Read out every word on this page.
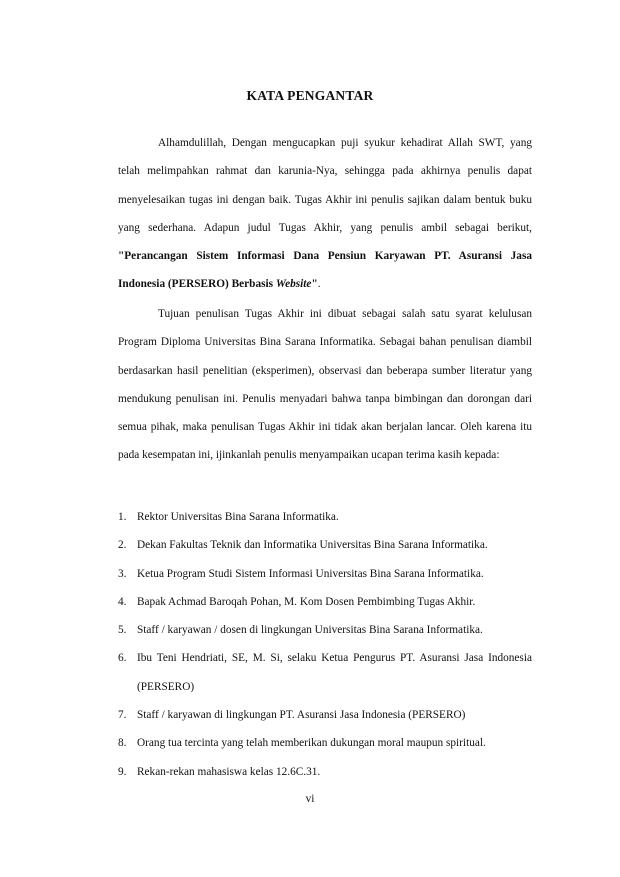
KATA PENGANTAR
Alhamdulillah, Dengan mengucapkan puji syukur kehadirat Allah SWT, yang telah melimpahkan rahmat dan karunia-Nya, sehingga pada akhirnya penulis dapat menyelesaikan tugas ini dengan baik. Tugas Akhir ini penulis sajikan dalam bentuk buku yang sederhana. Adapun judul Tugas Akhir, yang penulis ambil sebagai berikut, "Perancangan Sistem Informasi Dana Pensiun Karyawan PT. Asuransi Jasa Indonesia (PERSERO) Berbasis Website".
Tujuan penulisan Tugas Akhir ini dibuat sebagai salah satu syarat kelulusan Program Diploma Universitas Bina Sarana Informatika. Sebagai bahan penulisan diambil berdasarkan hasil penelitian (eksperimen), observasi dan beberapa sumber literatur yang mendukung penulisan ini. Penulis menyadari bahwa tanpa bimbingan dan dorongan dari semua pihak, maka penulisan Tugas Akhir ini tidak akan berjalan lancar. Oleh karena itu pada kesempatan ini, ijinkanlah penulis menyampaikan ucapan terima kasih kepada:
1. Rektor Universitas Bina Sarana Informatika.
2. Dekan Fakultas Teknik dan Informatika Universitas Bina Sarana Informatika.
3. Ketua Program Studi Sistem Informasi Universitas Bina Sarana Informatika.
4. Bapak Achmad Baroqah Pohan, M. Kom Dosen Pembimbing Tugas Akhir.
5. Staff / karyawan / dosen di lingkungan Universitas Bina Sarana Informatika.
6. Ibu Teni Hendriati, SE, M. Si, selaku Ketua Pengurus PT. Asuransi Jasa Indonesia (PERSERO)
7. Staff / karyawan di lingkungan PT. Asuransi Jasa Indonesia (PERSERO)
8. Orang tua tercinta yang telah memberikan dukungan moral maupun spiritual.
9. Rekan-rekan mahasiswa kelas 12.6C.31.
vi
